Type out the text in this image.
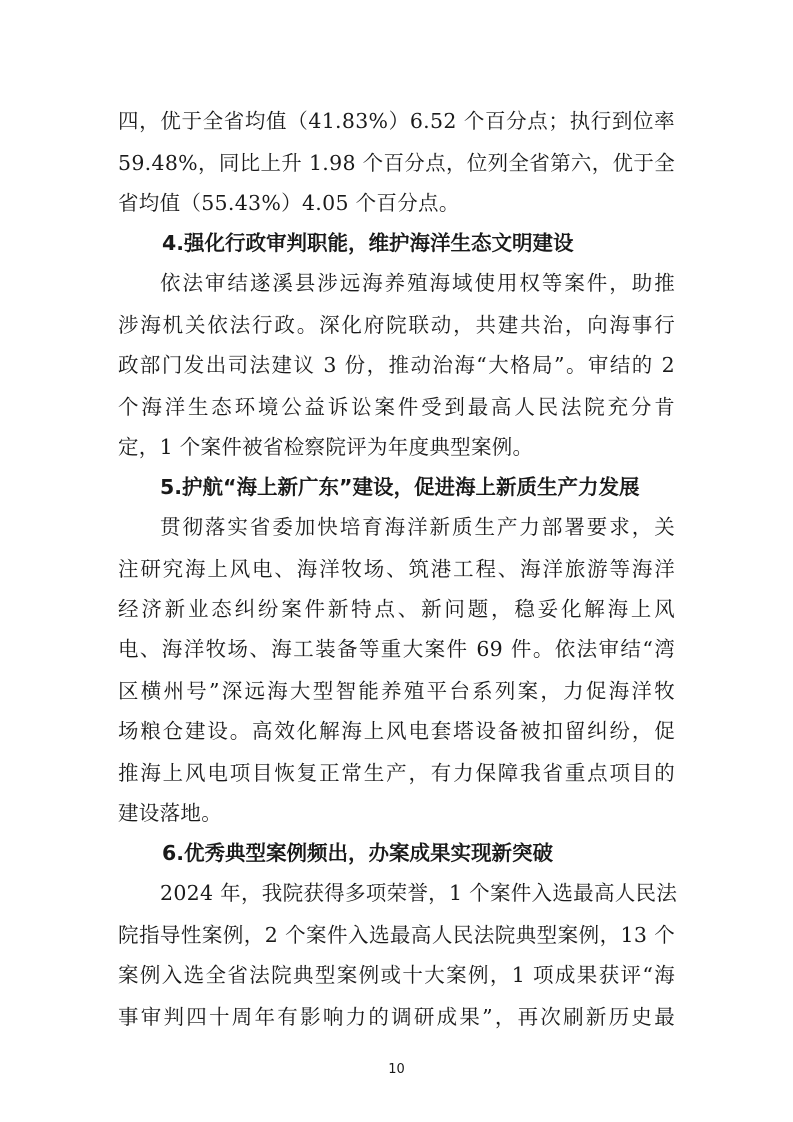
四，优于全省均值（41.83%）6.52 个百分点；执行到位率
59.48%，同比上升 1.98 个百分点，位列全省第六，优于全
省均值（55.43%）4.05 个百分点。
4.强化行政审判职能，维护海洋生态文明建设
依法审结遂溪县涉远海养殖海域使用权等案件，助推
涉海机关依法行政。深化府院联动，共建共治，向海事行
政部门发出司法建议 3 份，推动治海“大格局”。审结的 2
个海洋生态环境公益诉讼案件受到最高人民法院充分肯
定，1 个案件被省检察院评为年度典型案例。
5.护航“海上新广东”建设，促进海上新质生产力发展
贯彻落实省委加快培育海洋新质生产力部署要求，关
注研究海上风电、海洋牧场、筑港工程、海洋旅游等海洋
经济新业态纠纷案件新特点、新问题，稳妥化解海上风
电、海洋牧场、海工装备等重大案件 69 件。依法审结“湾
区横州号”深远海大型智能养殖平台系列案，力促海洋牧
场粮仓建设。高效化解海上风电套塔设备被扣留纠纷，促
推海上风电项目恢复正常生产，有力保障我省重点项目的
建设落地。
6.优秀典型案例频出，办案成果实现新突破
2024 年，我院获得多项荣誉，1 个案件入选最高人民法
院指导性案例，2 个案件入选最高人民法院典型案例，13 个
案例入选全省法院典型案例或十大案例，1 项成果获评“海
事审判四十周年有影响力的调研成果”，再次刷新历史最
10
